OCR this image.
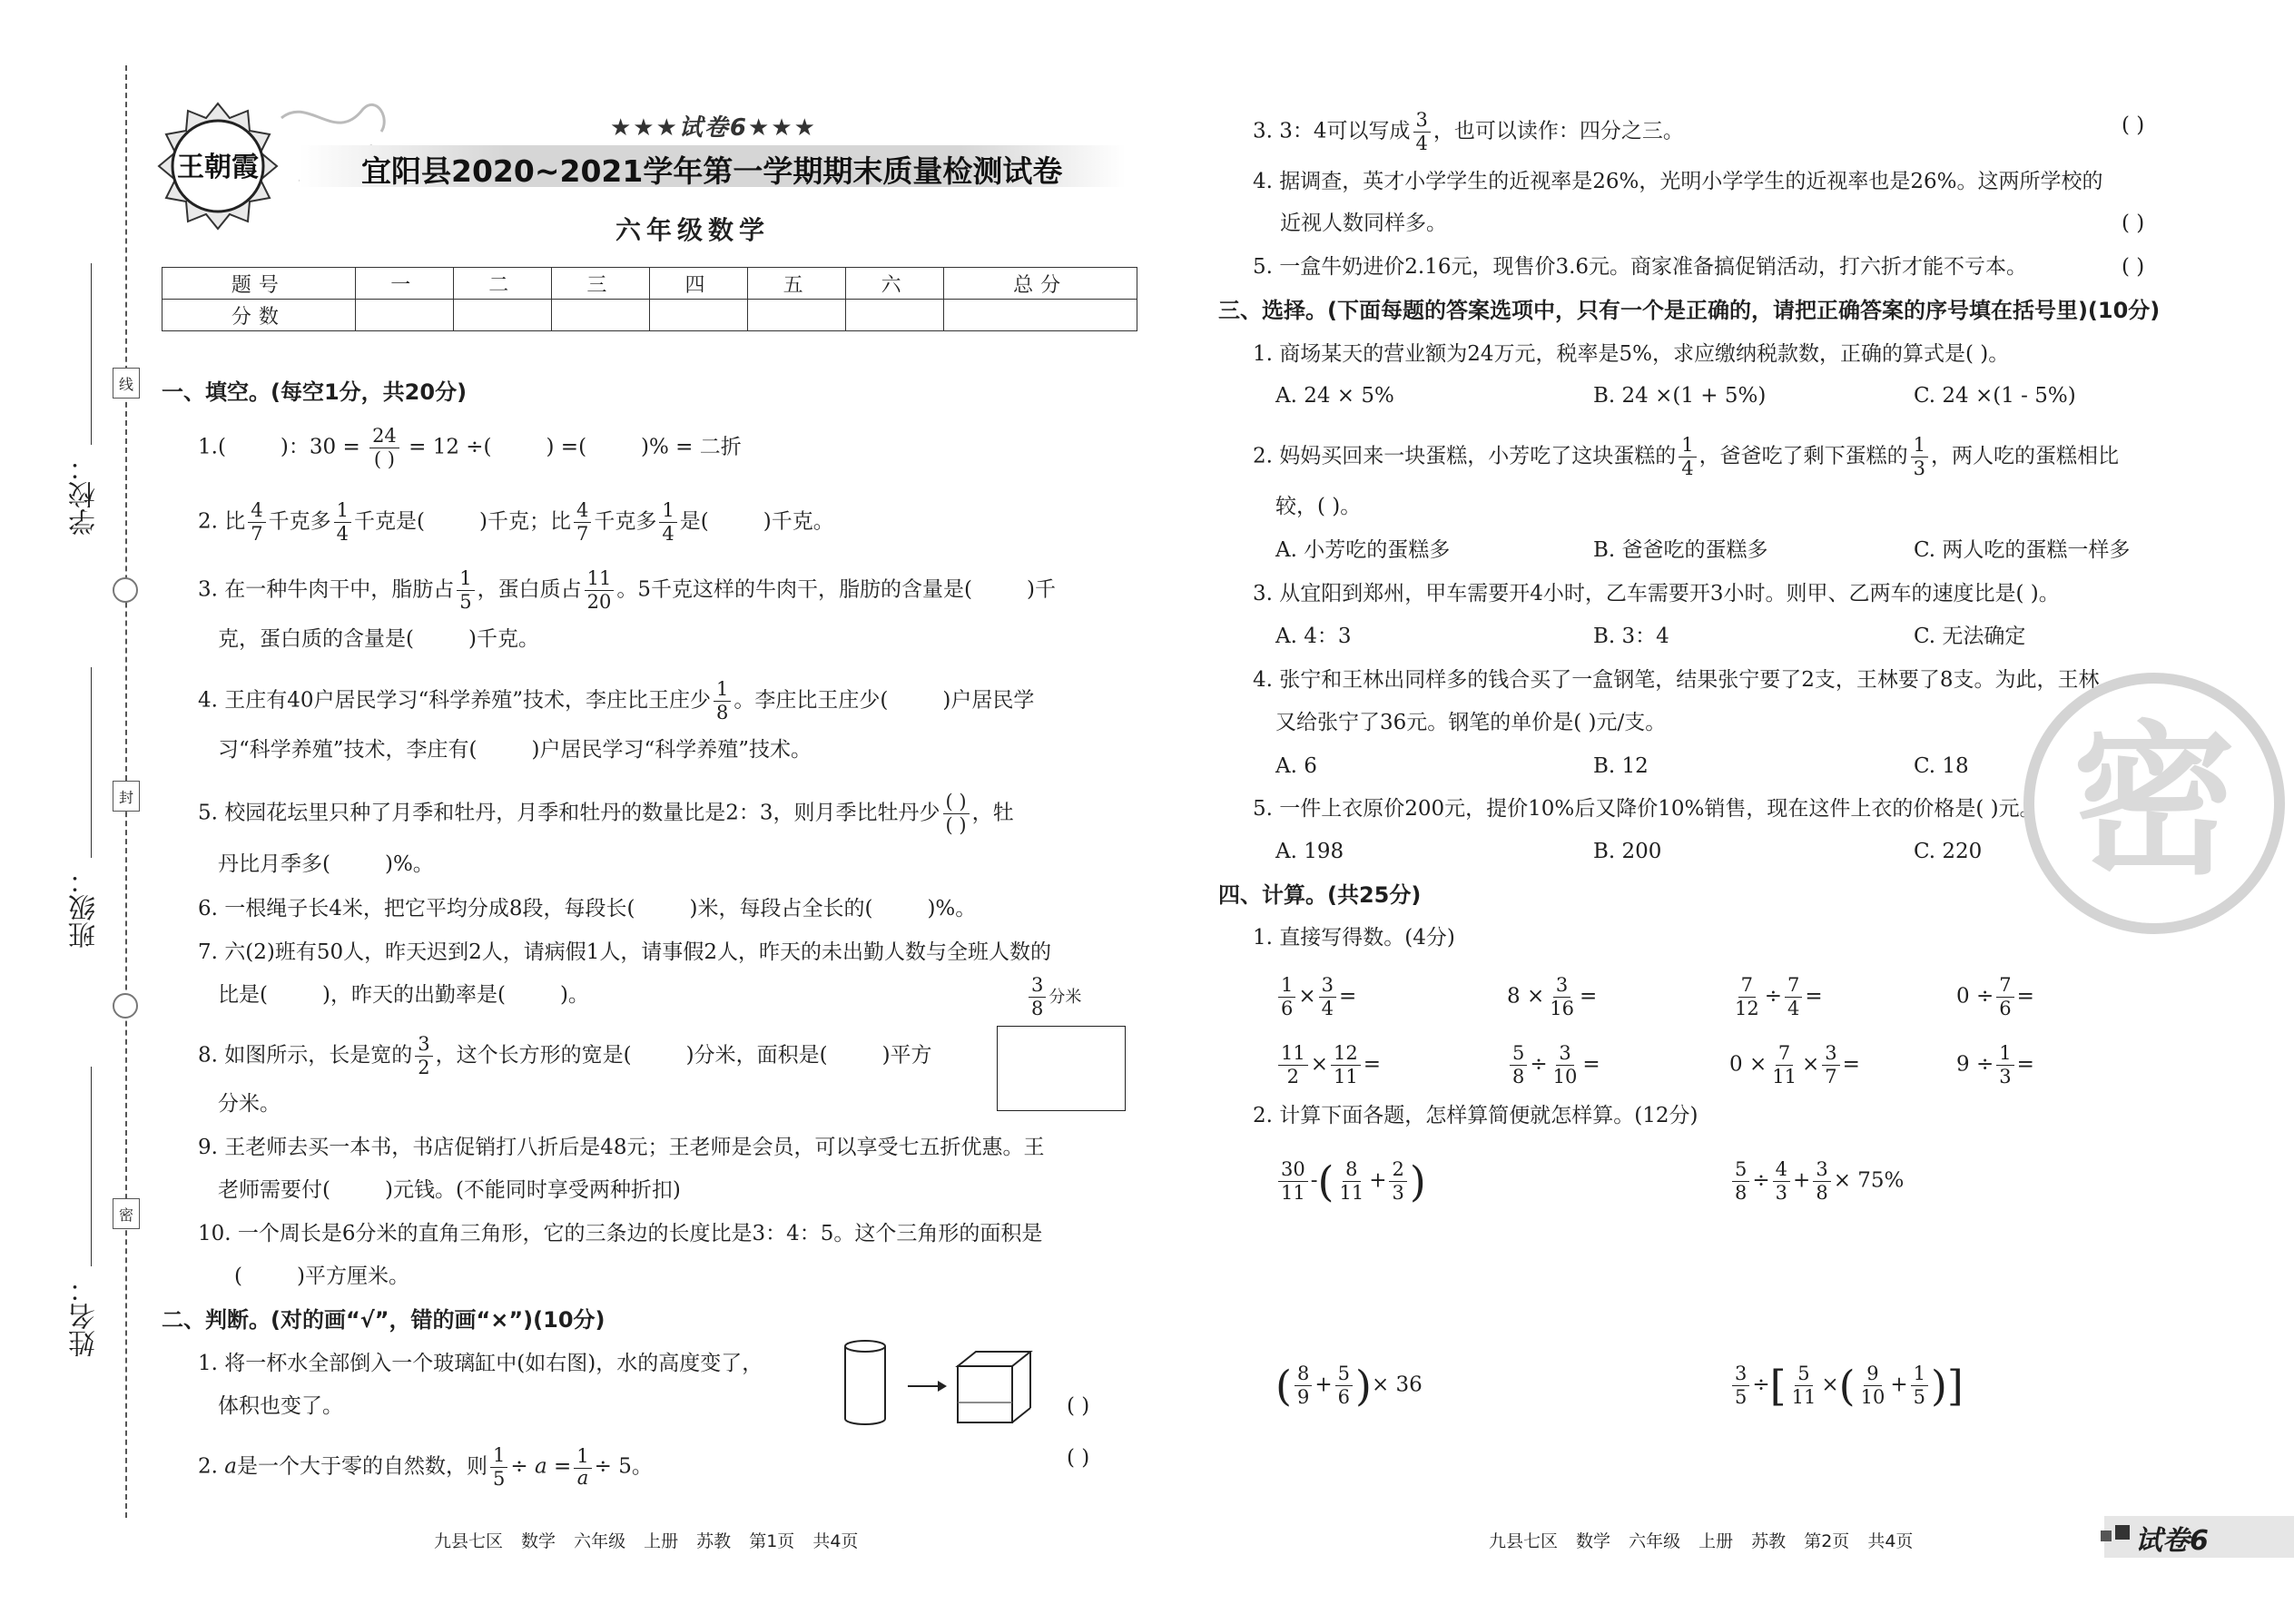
学校：
班级：
姓名：
线
封
密
王朝霞
★★★试卷6★★★
宜阳县2020~2021学年第一学期期末质量检测试卷
六年级数学
题号	一	二	三	四	五	六	总分
分数							
一、填空。(每空1分，共20分)
1.(	)：$30 = \frac{24}{( )} = 12$ ÷(	) =(	)% = 二折
2. 比 $\frac{4}{7}$ 千克多 $\frac{1}{4}$ 千克是(	)千克；比 $\frac{4}{7}$ 千克多 $\frac{1}{4}$ 是(	)千克。
3. 在一种牛肉干中，脂肪占 $\frac{1}{5}$ ，蛋白质占 $\frac{11}{20}$ 。5千克这样的牛肉干，脂肪的含量是(	)千
克，蛋白质的含量是(	)千克。
4. 王庄有40户居民学习“科学养殖”技术，李庄比王庄少 $\frac{1}{8}$ 。李庄比王庄少(	)户居民学
习“科学养殖”技术，李庄有(	)户居民学习“科学养殖”技术。
5. 校园花坛里只种了月季和牡丹，月季和牡丹的数量比是2：3，则月季比牡丹少 $\frac{( )}{( )}$ ，牡
丹比月季多(	)%。
6. 一根绳子长4米，把它平均分成8段，每段长(	)米，每段占全长的(	)%。
7. 六(2)班有50人，昨天迟到2人，请病假1人，请事假2人，昨天的未出勤人数与全班人数的
比是(	)，昨天的出勤率是(	)。
8. 如图所示，长是宽的 $\frac{3}{2}$ ，这个长方形的宽是(	)分米，面积是(	)平方
分米。
$\frac{3}{8}$ 分米
9. 王老师去买一本书，书店促销打八折后是48元；王老师是会员，可以享受七五折优惠。王
老师需要付(	)元钱。(不能同时享受两种折扣)
10. 一个周长是6分米的直角三角形，它的三条边的长度比是3：4：5。这个三角形的面积是
(	)平方厘米。
二、判断。(对的画“√”，错的画“×”)(10分)
1. 将一杯水全部倒入一个玻璃缸中(如右图)，水的高度变了，
体积也变了。	( )
2. a是一个大于零的自然数，则 $\frac{1}{5} \div a = \frac{1}{a} \div 5$。	( )
3. 3：4可以写成 $\frac{3}{4}$ ，也可以读作：四分之三。	( )
4. 据调查，英才小学学生的近视率是26%，光明小学学生的近视率也是26%。这两所学校的
近视人数同样多。	( )
5. 一盒牛奶进价2.16元，现售价3.6元。商家准备搞促销活动，打六折才能不亏本。	( )
三、选择。(下面每题的答案选项中，只有一个是正确的，请把正确答案的序号填在括号里)(10分)
1. 商场某天的营业额为24万元，税率是5%，求应缴纳税款数，正确的算式是( )。
A. 24 × 5%	B. 24 ×(1 + 5%)	C. 24 ×(1 - 5%)
2. 妈妈买回来一块蛋糕，小芳吃了这块蛋糕的 $\frac{1}{4}$ ，爸爸吃了剩下蛋糕的 $\frac{1}{3}$ ，两人吃的蛋糕相比
较，( )。
A. 小芳吃的蛋糕多	B. 爸爸吃的蛋糕多	C. 两人吃的蛋糕一样多
3. 从宜阳到郑州，甲车需要开4小时，乙车需要开3小时。则甲、乙两车的速度比是( )。
A. 4：3	B. 3：4	C. 无法确定
4. 张宁和王林出同样多的钱合买了一盒钢笔，结果张宁要了2支，王林要了8支。为此，王林
又给张宁了36元。钢笔的单价是( )元/支。
A. 6	B. 12	C. 18
5. 一件上衣原价200元，提价10%后又降价10%销售，现在这件上衣的价格是( )元。
A. 198	B. 200	C. 220
四、计算。(共25分)
1. 直接写得数。(4分)
$\frac{1}{6} \times \frac{3}{4}$ =	$8 \times \frac{3}{16}$ =	$\frac{7}{12} \div \frac{7}{4}$ =	$0 \div \frac{7}{6}$ =
$\frac{11}{2} \times \frac{12}{11}$ =	$\frac{5}{8} \div \frac{3}{10}$ =	$0 \times \frac{7}{11} \times \frac{3}{7}$ =	$9 \div \frac{1}{3}$ =
2. 计算下面各题，怎样算简便就怎样算。(12分)
$\frac{30}{11}$ -( $\frac{8}{11} + \frac{2}{3}$ )	$\frac{5}{8} \div \frac{4}{3} + \frac{3}{8} \times 75\%$
( $\frac{8}{9} + \frac{5}{6}$ )× 36	$\frac{3}{5}$ ÷[ $\frac{5}{11}$ ×( $\frac{9}{10} + \frac{1}{5}$ )]
密
九县七区 数学 六年级 上册 苏教 第1页 共4页	九县七区 数学 六年级 上册 苏教 第2页 共4页	试卷6
